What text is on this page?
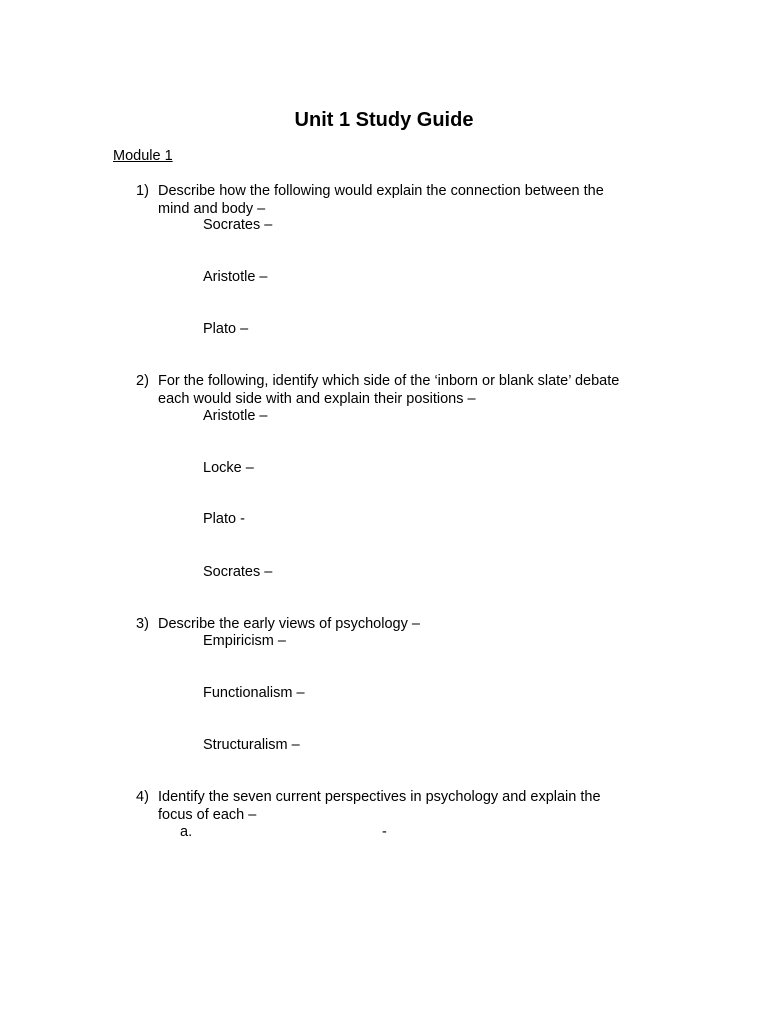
Unit 1 Study Guide
Module 1
1) Describe how the following would explain the connection between the mind and body –
Socrates –
Aristotle –
Plato –
2) For the following, identify which side of the ‘inborn or blank slate’ debate each would side with and explain their positions –
Aristotle –
Locke –
Plato -
Socrates –
3) Describe the early views of psychology –
Empiricism –
Functionalism –
Structuralism –
4) Identify the seven current perspectives in psychology and explain the focus of each –
a.	-
